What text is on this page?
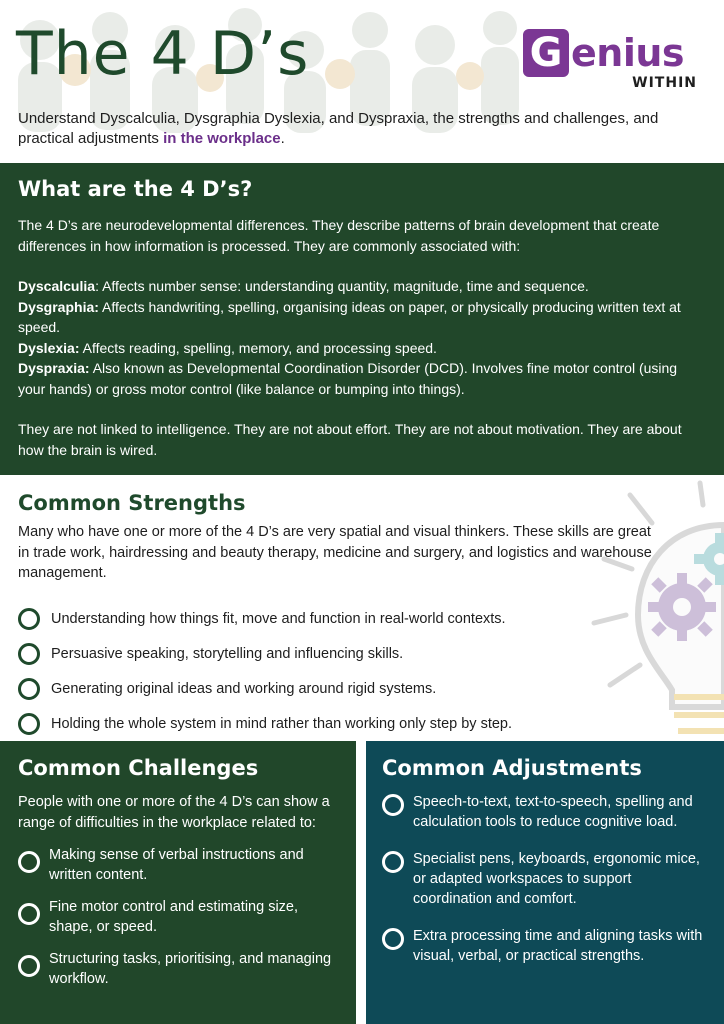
The 4 D’s	G enius
WITHIN

Understand Dyscalculia, Dysgraphia Dyslexia, and Dyspraxia, the strengths and challenges, and practical adjustments in the workplace.

What are the 4 D’s?

The 4 D’s are neurodevelopmental differences. They describe patterns of brain development that create differences in how information is processed. They are commonly associated with:

Dyscalculia: Affects number sense: understanding quantity, magnitude, time and sequence.
Dysgraphia: Affects handwriting, spelling, organising ideas on paper, or physically producing written text at speed.
Dyslexia: Affects reading, spelling, memory, and processing speed.
Dyspraxia: Also known as Developmental Coordination Disorder (DCD). Involves fine motor control (using your hands) or gross motor control (like balance or bumping into things).

They are not linked to intelligence. They are not about effort. They are not about motivation. They are about how the brain is wired.

Common Strengths

Many who have one or more of the 4 D’s are very spatial and visual thinkers. These skills are great in trade work, hairdressing and beauty therapy, medicine and surgery, and logistics and warehouse management.

Understanding how things fit, move and function in real-world contexts.
Persuasive speaking, storytelling and influencing skills.
Generating original ideas and working around rigid systems.
Holding the whole system in mind rather than working only step by step.
Common Challenges

People with one or more of the 4 D’s can show a range of difficulties in the workplace related to:

Making sense of verbal instructions and written content.
Fine motor control and estimating size, shape, or speed.
Structuring tasks, prioritising, and managing workflow.
Common Adjustments
Speech-to-text, text-to-speech, spelling and calculation tools to reduce cognitive load.
Specialist pens, keyboards, ergonomic mice, or adapted workspaces to support coordination and comfort.
Extra processing time and aligning tasks with visual, verbal, or practical strengths.
